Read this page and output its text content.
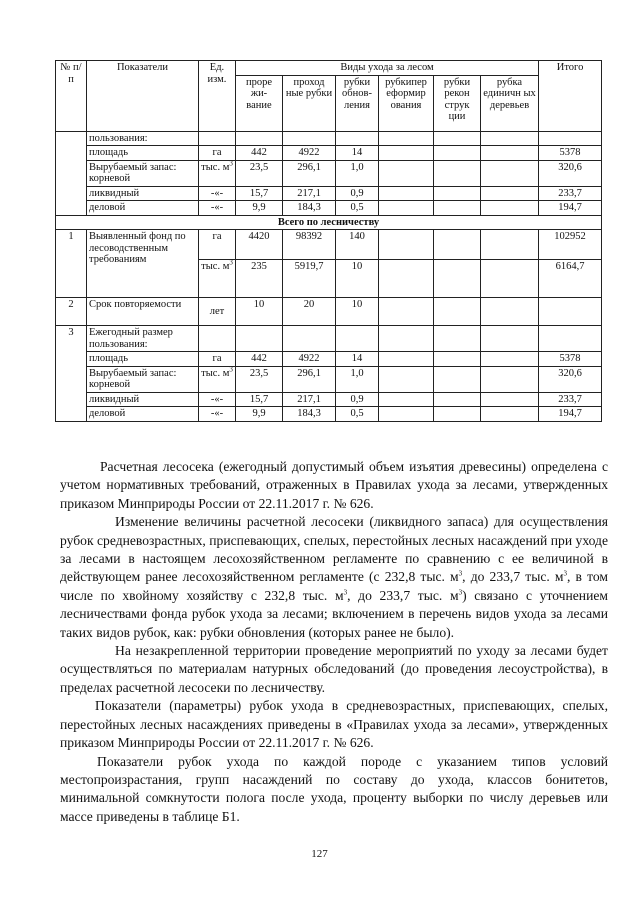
№ п/п	Показатели	Ед. изм.	Виды ухода за лесом						Итого
			проре жи- вание	проход ные рубки	рубки обнов- ления	рубкипер еформир ования	рубки рекон струк ции	рубка единичн ых деревьев	
	пользования:								
	площадь	га	442	4922	14				5378
	Вырубаемый запас: корневой	тыс. $м^3$	23,5	296,1	1,0				320,6
	ликвидный	-«-	15,7	217,1	0,9				233,7
	деловой	-«-	9,9	184,3	0,5				194,7
Всего по лесничеству									
1	Выявленный фонд по лесоводственным требованиям	га	4420	98392	140				102952
		тыс. $м^3$	235	5919,7	10				6164,7
2	Срок повторяемости	лет	10	20	10				
3	Ежегодный размер пользования:								
	площадь	га	442	4922	14				5378
	Вырубаемый запас: корневой	тыс. $м^3$	23,5	296,1	1,0				320,6
	ликвидный	-«-	15,7	217,1	0,9				233,7
	деловой	-«-	9,9	184,3	0,5				194,7

Расчетная лесосека (ежегодный допустимый объем изъятия древесины) определена с учетом нормативных требований, отраженных в Правилах ухода за лесами, утвержденных приказом Минприроды России от 22.11.2017 г. № 626.

Изменение величины расчетной лесосеки (ликвидного запаса) для осуществления рубок средневозрастных, приспевающих, спелых, перестойных лесных насаждений при уходе за лесами в настоящем лесохозяйственном регламенте по сравнению с ее величиной в действующем ранее лесохозяйственном регламенте (с 232,8 тыс. $м^3$, до 233,7 тыс. $м^3$, в том числе по хвойному хозяйству с 232,8 тыс. $м^3$, до 233,7 тыс. $м^3$) связано с уточнением лесничествами фонда рубок ухода за лесами; включением в перечень видов ухода за лесами таких видов рубок, как: рубки обновления (которых ранее не было).

На незакрепленной территории проведение мероприятий по уходу за лесами будет осуществляться по материалам натурных обследований (до проведения лесоустройства), в пределах расчетной лесосеки по лесничеству.

Показатели (параметры) рубок ухода в средневозрастных, приспевающих, спелых, перестойных лесных насаждениях приведены в «Правилах ухода за лесами», утвержденных приказом Минприроды России от 22.11.2017 г. № 626.

Показатели рубок ухода по каждой породе с указанием типов условий местопроизрастания, групп насаждений по составу до ухода, классов бонитетов, минимальной сомкнутости полога после ухода, проценту выборки по числу деревьев или массе приведены в таблице Б1.

127
